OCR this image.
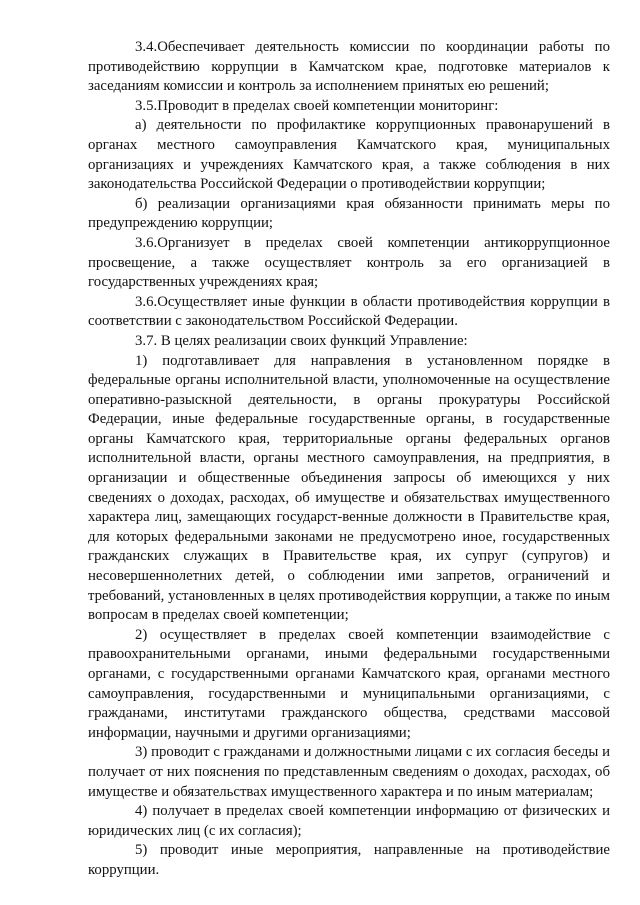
3.4.Обеспечивает деятельность комиссии по координации работы по противодействию коррупции в Камчатском крае, подготовке материалов к заседаниям комиссии и контроль за исполнением принятых ею решений;

3.5.Проводит в пределах своей компетенции мониторинг:

а) деятельности по профилактике коррупционных правонарушений в органах местного самоуправления Камчатского края, муниципальных организациях и учреждениях Камчатского края, а также соблюдения в них законодательства Российской Федерации о противодействии коррупции;

б) реализации организациями края обязанности принимать меры по предупреждению коррупции;

3.6.Организует в пределах своей компетенции антикоррупционное просвещение, а также осуществляет контроль за его организацией в государственных учреждениях края;

3.6.Осуществляет иные функции в области противодействия коррупции в соответствии с законодательством Российской Федерации.

3.7. В целях реализации своих функций Управление:

1) подготавливает для направления в установленном порядке в федеральные органы исполнительной власти, уполномоченные на осуществление оперативно-разыскной деятельности, в органы прокуратуры Российской Федерации, иные федеральные государственные органы, в государственные органы Камчатского края, территориальные органы федеральных органов исполнительной власти, органы местного самоуправления, на предприятия, в организации и общественные объединения запросы об имеющихся у них сведениях о доходах, расходах, об имуществе и обязательствах имущественного характера лиц, замещающих государст-венные должности в Правительстве края, для которых федеральными законами не предусмотрено иное, государственных гражданских служащих в Правительстве края, их супруг (супругов) и несовершеннолетних детей, о соблюдении ими запретов, ограничений и требований, установленных в целях противодействия коррупции, а также по иным вопросам в пределах своей компетенции;

2) осуществляет в пределах своей компетенции взаимодействие с правоохранительными органами, иными федеральными государственными органами, с государственными органами Камчатского края, органами местного самоуправления, государственными и муниципальными организациями, с гражданами, институтами гражданского общества, средствами массовой информации, научными и другими организациями;

3) проводит с гражданами и должностными лицами с их согласия беседы и получает от них пояснения по представленным сведениям о доходах, расходах, об имуществе и обязательствах имущественного характера и по иным материалам;

4) получает в пределах своей компетенции информацию от физических и юридических лиц (с их согласия);

5) проводит иные мероприятия, направленные на противодействие коррупции.
